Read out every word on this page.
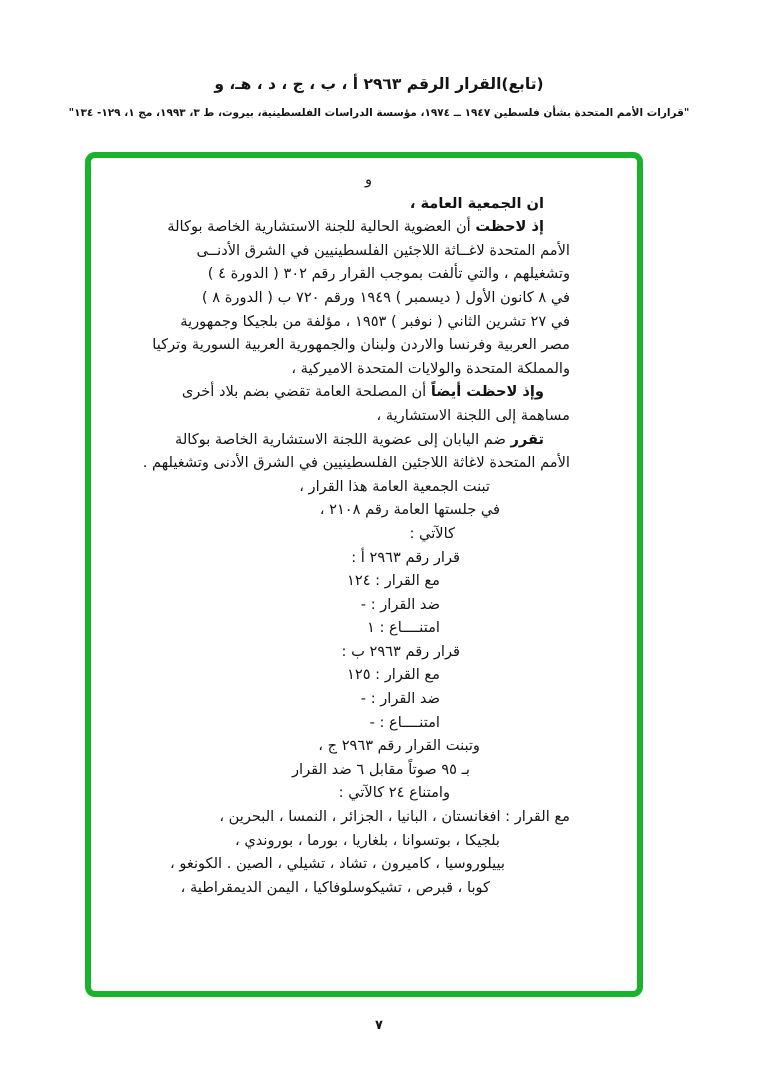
(تابع)القرار الرقم ٢٩٦٣ أ ، ب ، ج ، د ، هـ، و
"قرارات الأمم المتحدة بشأن فلسطين ١٩٤٧ ــ ١٩٧٤، مؤسسة الدراسات الفلسطينية، بيروت، ط ٣، ١٩٩٣، مج ١، ١٢٩- ١٣٤"
و
ان الجمعية العامة ،
إذ لاحظت أن العضوية الحالية للجنة الاستشارية الخاصة بوكالة
الأمم المتحدة لاغــاثة اللاجئين الفلسطينيين في الشرق الأدنــى
وتشغيلهم ، والتي تألفت بموجب القرار رقم ٣٠٢ ( الدورة ٤ )
في ٨ كانون الأول ( ديسمبر ) ١٩٤٩ ورقم ٧٢٠ ب ( الدورة ٨ )
في ٢٧ تشرين الثاني ( نوفبر ) ١٩٥٣ ، مؤلفة من بلجيكا وجمهورية
مصر العربية وفرنسا والاردن ولبنان والجمهورية العربية السورية وتركيا
والمملكة المتحدة والولايات المتحدة الاميركية ،
وإذ لاحظت أيضاً أن المصلحة العامة تقضي بضم بلاد أخرى
مساهمة إلى اللجنة الاستشارية ،
تقرر ضم اليابان إلى عضوية اللجنة الاستشارية الخاصة بوكالة
الأمم المتحدة لاغاثة اللاجئين الفلسطينيين في الشرق الأدنى وتشغيلهم .
تبنت الجمعية العامة هذا القرار ،
في جلستها العامة رقم ٢١٠٨ ،
كالآتي :
قرار رقم ٢٩٦٣ أ :
مع القرار : ١٢٤
ضد القرار : -
امتنــــاع : ١
قرار رقم ٢٩٦٣ ب :
مع القرار : ١٢٥
ضد القرار : -
امتنــــاع : -
وتبنت القرار رقم ٢٩٦٣ ج ،
بـ ٩٥ صوتاً مقابل ٦ ضد القرار
وامتناع ٢٤ كالآتي :
مع القرار : افغانستان ، البانيا ، الجزائر ، النمسا ، البحرين ،
بلجيكا ، بوتسوانا ، بلغاريا ، بورما ، بوروندي ،
بييلوروسيا ، كاميرون ، تشاد ، تشيلي ، الصين . الكونغو ،
كوبا ، قبرص ، تشيكوسلوفاكيا ، اليمن الديمقراطية ،
٧
